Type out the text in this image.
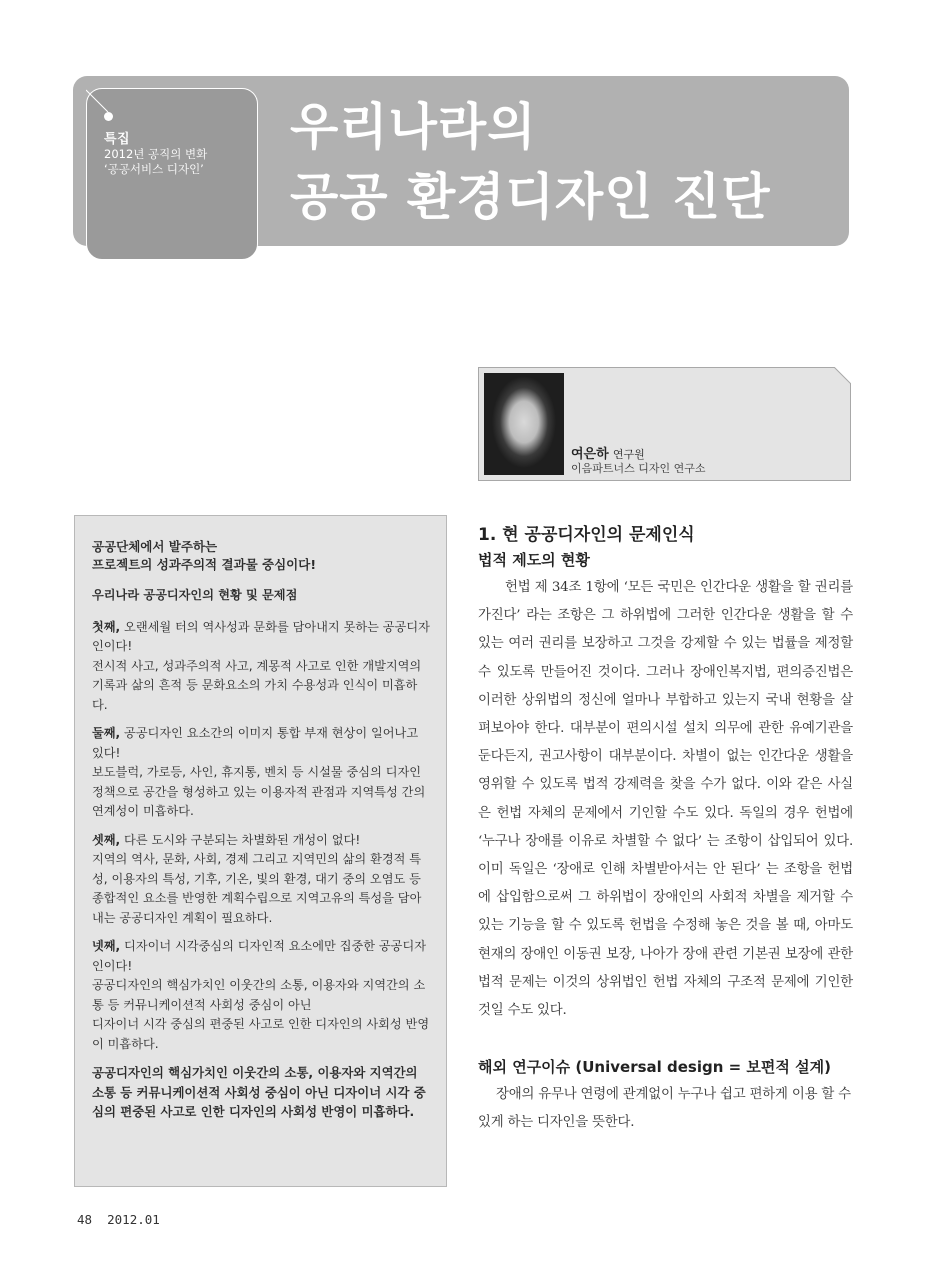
특집
2012년 공직의 변화
‘공공서비스 디자인’
우리나라의
공공 환경디자인 진단
여은하 연구원
이음파트너스 디자인 연구소
공공단체에서 발주하는
프로젝트의 성과주의적 결과물 중심이다!
우리나라 공공디자인의 현황 및 문제점

첫째, 오랜세월 터의 역사성과 문화를 담아내지 못하는 공공디자인이다!

전시적 사고, 성과주의적 사고, 계몽적 사고로 인한 개발지역의 기록과 삶의 흔적 등 문화요소의 가치 수용성과 인식이 미흡하다.

둘째, 공공디자인 요소간의 이미지 통합 부재 현상이 일어나고 있다!

보도블럭, 가로등, 사인, 휴지통, 벤치 등 시설물 중심의 디자인정책으로 공간을 형성하고 있는 이용자적 관점과 지역특성 간의 연계성이 미흡하다.

셋째, 다른 도시와 구분되는 차별화된 개성이 없다!

지역의 역사, 문화, 사회, 경제 그리고 지역민의 삶의 환경적 특성, 이용자의 특성, 기후, 기온, 빛의 환경, 대기 중의 오염도 등 종합적인 요소를 반영한 계획수립으로 지역고유의 특성을 담아내는 공공디자인 계획이 필요하다.

넷째, 디자이너 시각중심의 디자인적 요소에만 집중한 공공디자인이다!

공공디자인의 핵심가치인 이웃간의 소통, 이용자와 지역간의 소통 등 커뮤니케이션적 사회성 중심이 아닌

디자이너 시각 중심의 편중된 사고로 인한 디자인의 사회성 반영이 미흡하다.

공공디자인의 핵심가치인 이웃간의 소통, 이용자와 지역간의 소통 등 커뮤니케이션적 사회성 중심이 아닌 디자이너 시각 중심의 편중된 사고로 인한 디자인의 사회성 반영이 미흡하다.
1. 현 공공디자인의 문제인식
법적 제도의 현황

헌법 제 34조 1항에 ‘모든 국민은 인간다운 생활을 할 권리를 가진다’ 라는 조항은 그 하위법에 그러한 인간다운 생활을 할 수 있는 여러 권리를 보장하고 그것을 강제할 수 있는 법률을 제정할 수 있도록 만들어진 것이다. 그러나 장애인복지법, 편의증진법은 이러한 상위법의 정신에 얼마나 부합하고 있는지 국내 현황을 살펴보아야 한다. 대부분이 편의시설 설치 의무에 관한 유예기관을 둔다든지, 권고사항이 대부분이다. 차별이 없는 인간다운 생활을 영위할 수 있도록 법적 강제력을 찾을 수가 없다. 이와 같은 사실은 헌법 자체의 문제에서 기인할 수도 있다. 독일의 경우 헌법에 ‘누구나 장애를 이유로 차별할 수 없다’ 는 조항이 삽입되어 있다. 이미 독일은 ‘장애로 인해 차별받아서는 안 된다’ 는 조항을 헌법에 삽입함으로써 그 하위법이 장애인의 사회적 차별을 제거할 수 있는 기능을 할 수 있도록 헌법을 수정해 놓은 것을 볼 때, 아마도 현재의 장애인 이동권 보장, 나아가 장애 관련 기본권 보장에 관한 법적 문제는 이것의 상위법인 헌법 자체의 구조적 문제에 기인한 것일 수도 있다.

해외 연구이슈 (Universal design = 보편적 설계)

장애의 유무나 연령에 관계없이 누구나 쉽고 편하게 이용 할 수 있게 하는 디자인을 뜻한다.

48 2012.01
